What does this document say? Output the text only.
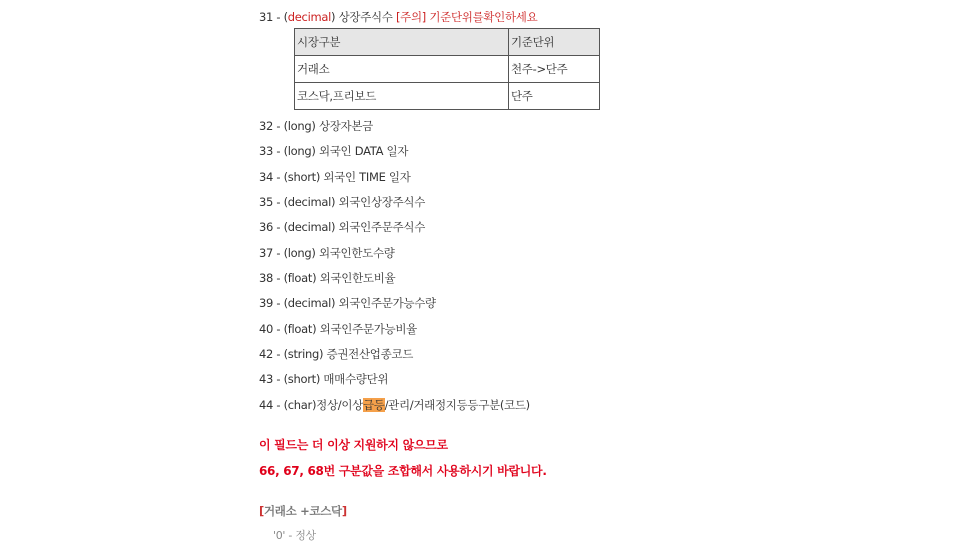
31 - (decimal) 상장주식수 [주의] 기준단위를확인하세요
시장구분	기준단위
거래소	천주->단주
코스닥,프리보드	단주
32 - (long) 상장자본금
33 - (long) 외국인 DATA 일자
34 - (short) 외국인 TIME 일자
35 - (decimal) 외국인상장주식수
36 - (decimal) 외국인주문주식수
37 - (long) 외국인한도수량
38 - (float) 외국인한도비율
39 - (decimal) 외국인주문가능수량
40 - (float) 외국인주문가능비율
42 - (string) 증권전산업종코드
43 - (short) 매매수량단위
44 - (char)정상/이상급등/관리/거래정지등등구분(코드)
이 필드는 더 이상 지원하지 않으므로
66, 67, 68번 구분값을 조합해서 사용하시기 바랍니다.
[거래소 +코스닥]
'0' - 정상
